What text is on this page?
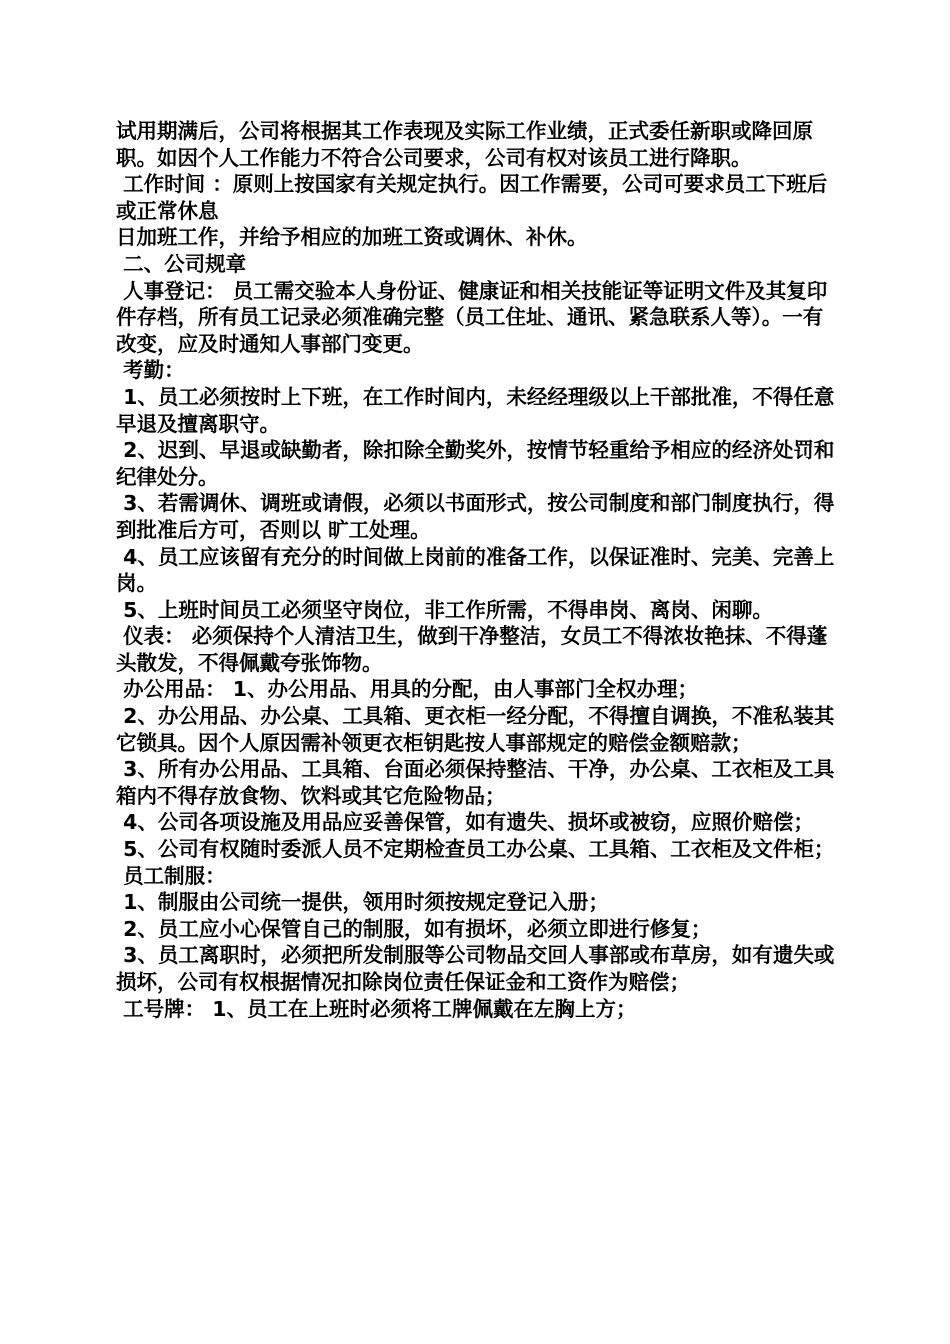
试用期满后，公司将根据其工作表现及实际工作业绩，正式委任新职或降回原职。如因个人工作能力不符合公司要求，公司有权对该员工进行降职。

工作时间 ：原则上按国家有关规定执行。因工作需要，公司可要求员工下班后或正常休息

日加班工作，并给予相应的加班工资或调休、补休。

二、公司规章

人事登记： 员工需交验本人身份证、健康证和相关技能证等证明文件及其复印件存档，所有员工记录必须准确完整（员工住址、通讯、紧急联系人等）。一有改变，应及时通知人事部门变更。

考勤：

1、员工必须按时上下班，在工作时间内，未经经理级以上干部批准，不得任意早退及擅离职守。

2、迟到、早退或缺勤者，除扣除全勤奖外，按情节轻重给予相应的经济处罚和纪律处分。

3、若需调休、调班或请假，必须以书面形式，按公司制度和部门制度执行，得到批准后方可，否则以 旷工处理。

4、员工应该留有充分的时间做上岗前的准备工作，以保证准时、完美、完善上岗。

5、上班时间员工必须坚守岗位，非工作所需，不得串岗、离岗、闲聊。

仪表： 必须保持个人清洁卫生，做到干净整洁，女员工不得浓妆艳抹、不得蓬头散发，不得佩戴夸张饰物。

办公用品： 1、办公用品、用具的分配，由人事部门全权办理；

2、办公用品、办公桌、工具箱、更衣柜一经分配，不得擅自调换，不准私装其它锁具。因个人原因需补领更衣柜钥匙按人事部规定的赔偿金额赔款；

3、所有办公用品、工具箱、台面必须保持整洁、干净，办公桌、工衣柜及工具箱内不得存放食物、饮料或其它危险物品；

4、公司各项设施及用品应妥善保管，如有遗失、损坏或被窃，应照价赔偿；

5、公司有权随时委派人员不定期检查员工办公桌、工具箱、工衣柜及文件柜；

员工制服：

1、制服由公司统一提供，领用时须按规定登记入册；

2、员工应小心保管自己的制服，如有损坏，必须立即进行修复；

3、员工离职时，必须把所发制服等公司物品交回人事部或布草房，如有遗失或损坏，公司有权根据情况扣除岗位责任保证金和工资作为赔偿；

工号牌： 1、员工在上班时必须将工牌佩戴在左胸上方；
